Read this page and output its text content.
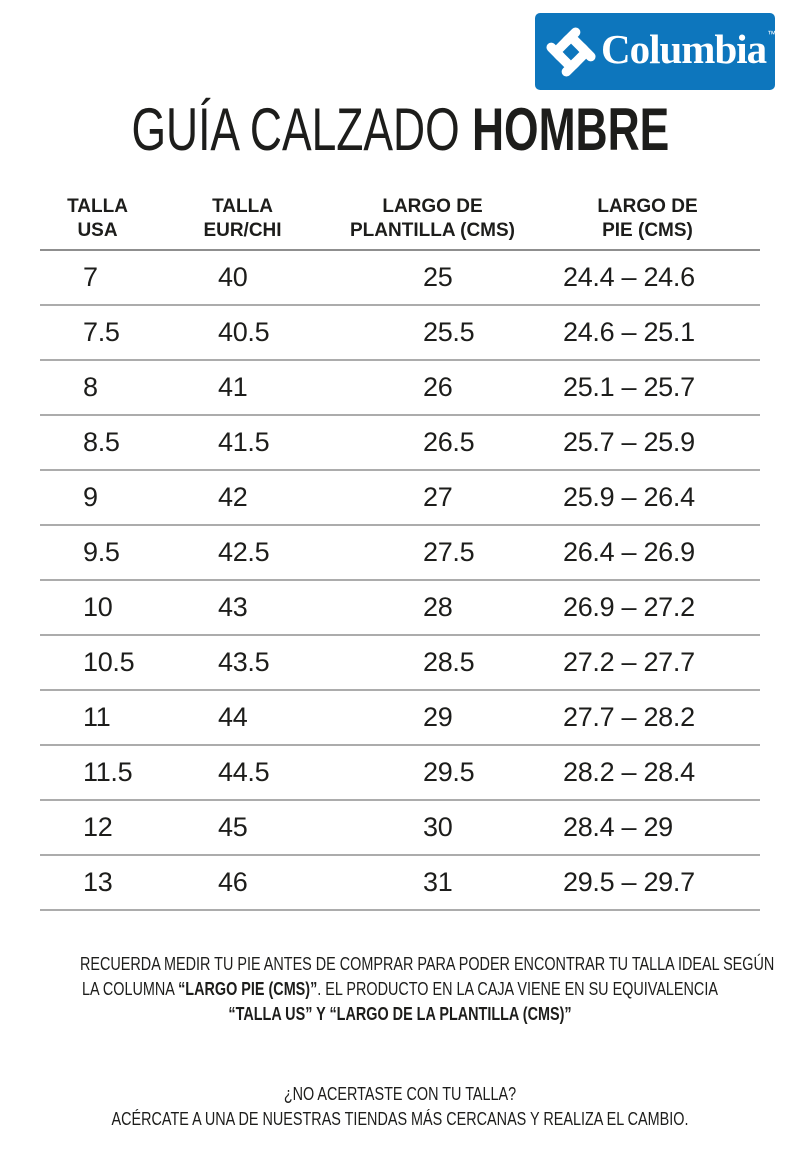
Columbia ™
GUÍA CALZADO HOMBRE
TALLA
USA

TALLA
EUR/CHI

LARGO DE
PLANTILLA (CMS)

LARGO DE
PIE (CMS)

7	40	25	24.4 – 24.6
7.5	40.5	25.5	24.6 – 25.1
8	41	26	25.1 – 25.7
8.5	41.5	26.5	25.7 – 25.9
9	42	27	25.9 – 26.4
9.5	42.5	27.5	26.4 – 26.9
10	43	28	26.9 – 27.2
10.5	43.5	28.5	27.2 – 27.7
11	44	29	27.7 – 28.2
11.5	44.5	29.5	28.2 – 28.4
12	45	30	28.4 – 29
13	46	31	29.5 – 29.7
RECUERDA MEDIR TU PIE ANTES DE COMPRAR PARA PODER ENCONTRAR TU TALLA IDEAL SEGÚN
LA COLUMNA “LARGO PIE (CMS)”. EL PRODUCTO EN LA CAJA VIENE EN SU EQUIVALENCIA
“TALLA US” Y “LARGO DE LA PLANTILLA (CMS)”
¿NO ACERTASTE CON TU TALLA?
ACÉRCATE A UNA DE NUESTRAS TIENDAS MÁS CERCANAS Y REALIZA EL CAMBIO.
